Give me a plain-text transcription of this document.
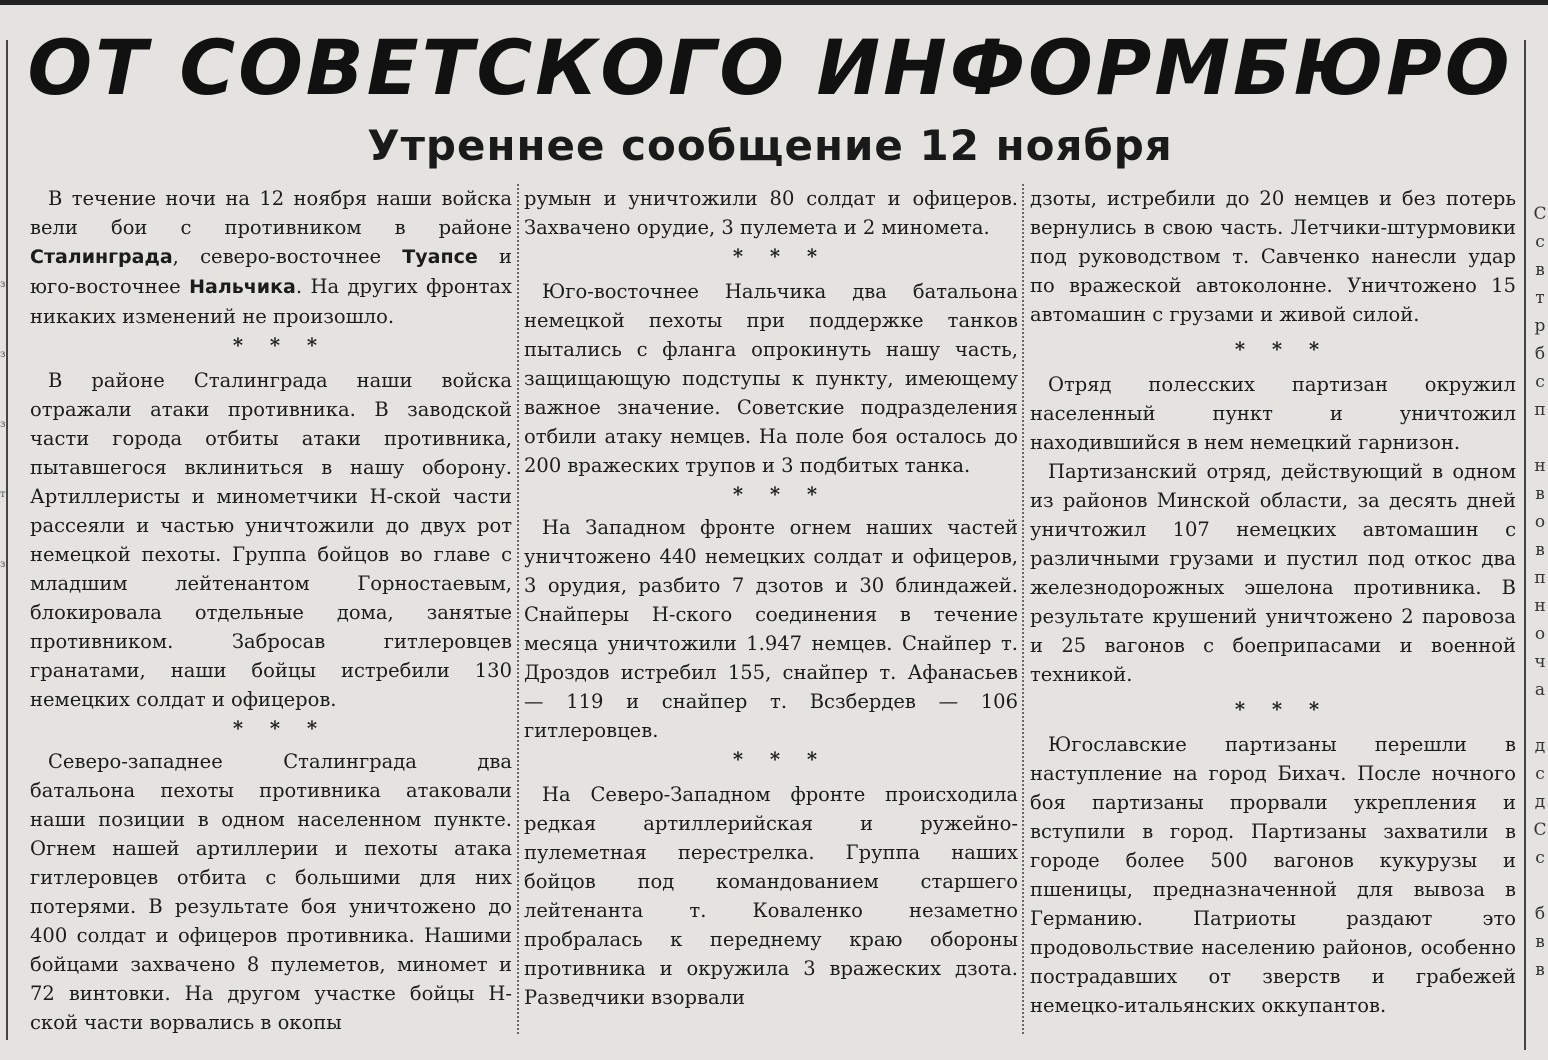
ОТ СОВЕТСКОГО ИНФОРМБЮРО
Утреннее сообщение 12 ноября

В течение ночи на 12 ноября наши войска вели бои с противником в районе Сталинграда, северо-восточнее Туапсе и юго-восточнее Нальчика. На других фронтах никаких изменений не произошло.

* * *

В районе Сталинграда наши войска отражали атаки противника. В заводской части города отбиты атаки противника, пытавшегося вклиниться в нашу оборону. Артиллеристы и минометчики Н-ской части рассеяли и частью уничтожили до двух рот немецкой пехоты. Группа бойцов во главе с младшим лейтенантом Горностаевым, блокировала отдельные дома, занятые противником. Забросав гитлеровцев гранатами, наши бойцы истребили 130 немецких солдат и офицеров.

* * *

Северо-западнее Сталинграда два батальона пехоты противника атаковали наши позиции в одном населенном пункте. Огнем нашей артиллерии и пехоты атака гитлеровцев отбита с большими для них потерями. В результате боя уничтожено до 400 солдат и офицеров противника. Нашими бойцами захвачено 8 пулеметов, миномет и 72 винтовки. На другом участке бойцы Н-ской части ворвались в окопы

румын и уничтожили 80 солдат и офицеров. Захвачено орудие, 3 пулемета и 2 миномета.

* * *

Юго-восточнее Нальчика два батальона немецкой пехоты при поддержке танков пытались с фланга опрокинуть нашу часть, защищающую подступы к пункту, имеющему важное значение. Советские подразделения отбили атаку немцев. На поле боя осталось до 200 вражеских трупов и 3 подбитых танка.

* * *

На Западном фронте огнем наших частей уничтожено 440 немецких солдат и офицеров, 3 орудия, разбито 7 дзотов и 30 блиндажей. Снайперы Н-ского соединения в течение месяца уничтожили 1.947 немцев. Снайпер т. Дроздов истребил 155, снайпер т. Афанасьев — 119 и снайпер т. Всзбердев — 106 гитлеровцев.

* * *

На Северо-Западном фронте происходила редкая артиллерийская и ружейно-пулеметная перестрелка. Группа наших бойцов под командованием старшего лейтенанта т. Коваленко незаметно пробралась к переднему краю обороны противника и окружила 3 вражеских дзота. Разведчики взорвали

дзоты, истребили до 20 немцев и без потерь вернулись в свою часть. Летчики-штурмовики под руководством т. Савченко нанесли удар по вражеской автоколонне. Уничтожено 15 автомашин с грузами и живой силой.

* * *

Отряд полесских партизан окружил населенный пункт и уничтожил находившийся в нем немецкий гарнизон.

Партизанский отряд, действующий в одном из районов Минской области, за десять дней уничтожил 107 немецких автомашин с различными грузами и пустил под откос два железнодорожных эшелона противника. В результате крушений уничтожено 2 паровоза и 25 вагонов с боеприпасами и военной техникой.

* * *

Югославские партизаны перешли в наступление на город Бихач. После ночного боя партизаны прорвали укрепления и вступили в город. Партизаны захватили в городе более 500 вагонов кукурузы и пшеницы, предназначенной для вывоза в Германию. Патриоты раздают это продовольствие населению районов, особенно пострадавших от зверств и грабежей немецко-итальянских оккупантов.

С
с
в
т
р
б
с
п

н
в
о
в
п
н
о
ч
а

д
с
д
С
с

б
в
в
з
з
з
т
з
